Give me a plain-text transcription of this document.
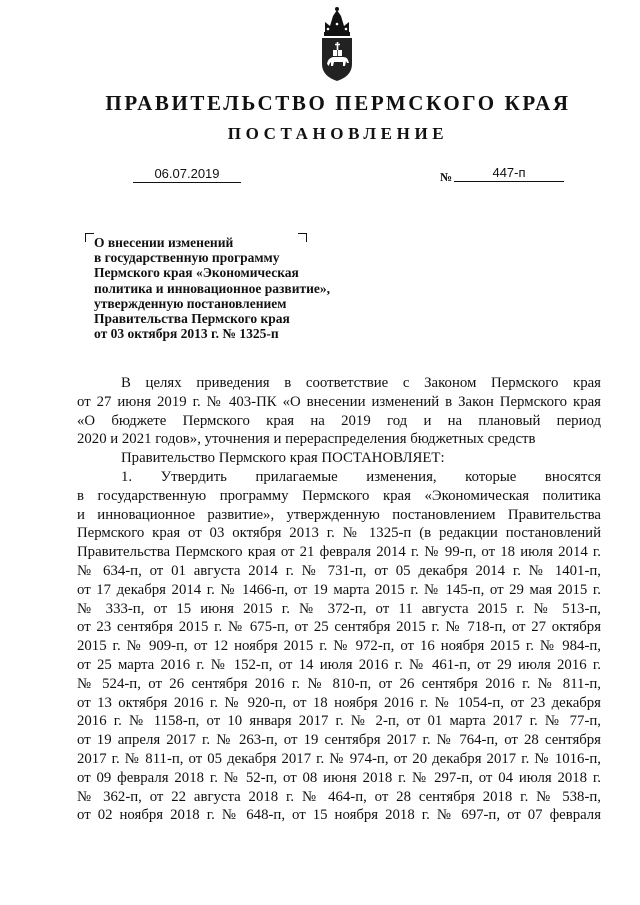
ПРАВИТЕЛЬСТВО ПЕРМСКОГО КРАЯ
ПОСТАНОВЛЕНИЕ
06.07.2019	№	447-п
О внесении изменений
в государственную программу
Пермского края «Экономическая
политика и инновационное развитие»,
утвержденную постановлением
Правительства Пермского края
от 03 октября 2013 г. № 1325-п
В целях приведения в соответствие с Законом Пермского края
от 27 июня 2019 г. № 403-ПК «О внесении изменений в Закон Пермского края
«О бюджете Пермского края на 2019 год и на плановый период
2020 и 2021 годов», уточнения и перераспределения бюджетных средств
Правительство Пермского края ПОСТАНОВЛЯЕТ:
1. Утвердить прилагаемые изменения, которые вносятся
в государственную программу Пермского края «Экономическая политика
и инновационное развитие», утвержденную постановлением Правительства
Пермского края от 03 октября 2013 г. № 1325-п (в редакции постановлений
Правительства Пермского края от 21 февраля 2014 г. № 99-п, от 18 июля 2014 г.
№ 634-п, от 01 августа 2014 г. № 731-п, от 05 декабря 2014 г. № 1401-п,
от 17 декабря 2014 г. № 1466-п, от 19 марта 2015 г. № 145-п, от 29 мая 2015 г.
№ 333-п, от 15 июня 2015 г. № 372-п, от 11 августа 2015 г. № 513-п,
от 23 сентября 2015 г. № 675-п, от 25 сентября 2015 г. № 718-п, от 27 октября
2015 г. № 909-п, от 12 ноября 2015 г. № 972-п, от 16 ноября 2015 г. № 984-п,
от 25 марта 2016 г. № 152-п, от 14 июля 2016 г. № 461-п, от 29 июля 2016 г.
№ 524-п, от 26 сентября 2016 г. № 810-п, от 26 сентября 2016 г. № 811-п,
от 13 октября 2016 г. № 920-п, от 18 ноября 2016 г. № 1054-п, от 23 декабря
2016 г. № 1158-п, от 10 января 2017 г. № 2-п, от 01 марта 2017 г. № 77-п,
от 19 апреля 2017 г. № 263-п, от 19 сентября 2017 г. № 764-п, от 28 сентября
2017 г. № 811-п, от 05 декабря 2017 г. № 974-п, от 20 декабря 2017 г. № 1016-п,
от 09 февраля 2018 г. № 52-п, от 08 июня 2018 г. № 297-п, от 04 июля 2018 г.
№ 362-п, от 22 августа 2018 г. № 464-п, от 28 сентября 2018 г. № 538-п,
от 02 ноября 2018 г. № 648-п, от 15 ноября 2018 г. № 697-п, от 07 февраля
